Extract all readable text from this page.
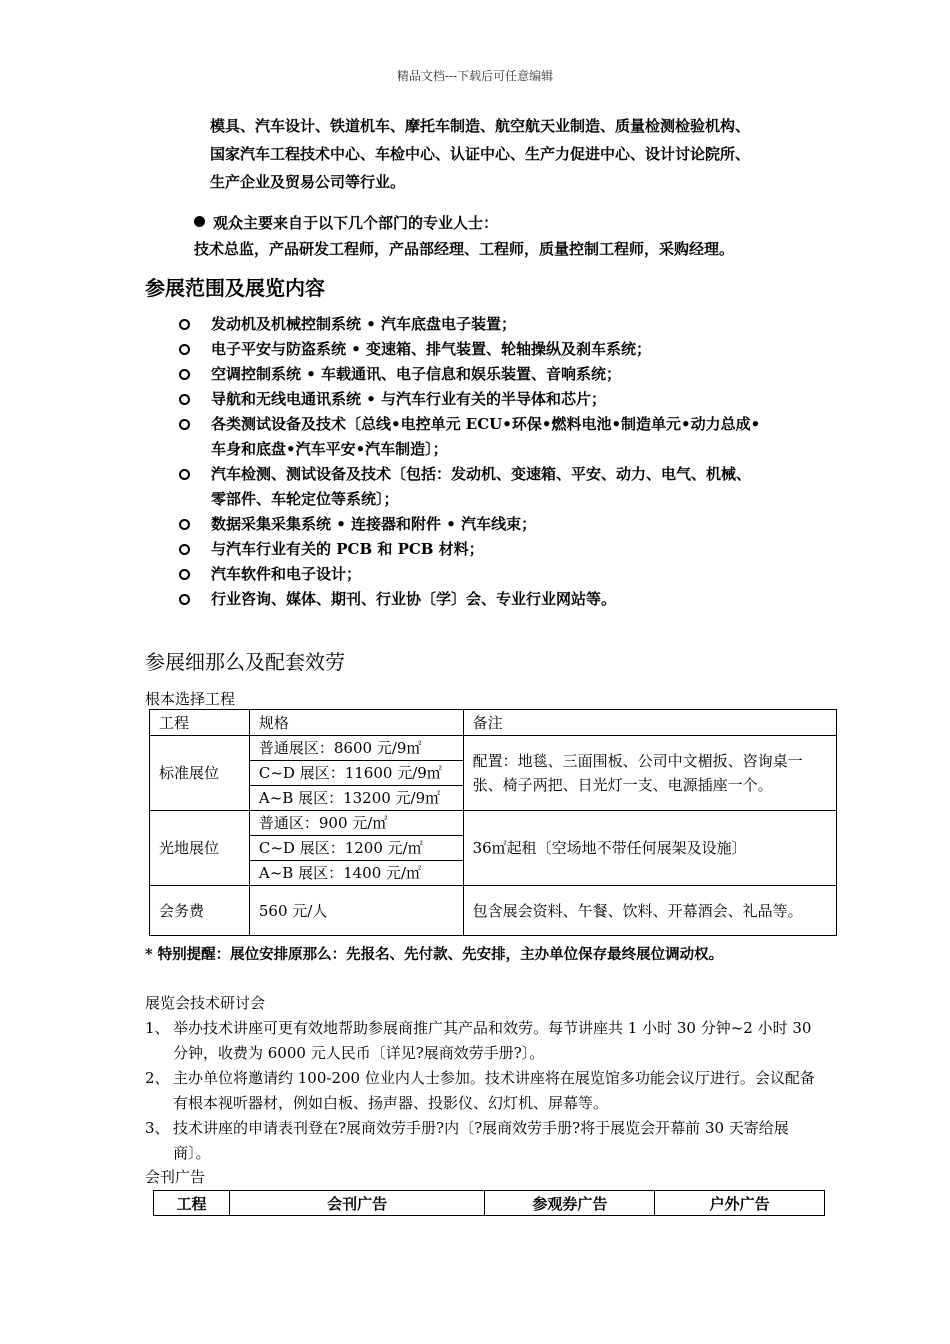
精品文档---下载后可任意编辑
模具、汽车设计、铁道机车、摩托车制造、航空航天业制造、质量检测检验机构、
国家汽车工程技术中心、车检中心、认证中心、生产力促进中心、设计讨论院所、
生产企业及贸易公司等行业。
观众主要来自于以下几个部门的专业人士：
技术总监，产品研发工程师，产品部经理、工程师，质量控制工程师，采购经理。
参展范围及展览内容
发动机及机械控制系统 • 汽车底盘电子装置；
电子平安与防盗系统 • 变速箱、排气装置、轮轴操纵及刹车系统；
空调控制系统 • 车载通讯、电子信息和娱乐装置、音响系统；
导航和无线电通讯系统 • 与汽车行业有关的半导体和芯片；
各类测试设备及技术〔总线•电控单元 ECU•环保•燃料电池•制造单元•动力总成•
车身和底盘•汽车平安•汽车制造〕；
汽车检测、测试设备及技术〔包括：发动机、变速箱、平安、动力、电气、机械、
零部件、车轮定位等系统〕；
数据采集采集系统 • 连接器和附件 • 汽车线束；
与汽车行业有关的 PCB 和 PCB 材料；
汽车软件和电子设计；
行业咨询、媒体、期刊、行业协〔学〕会、专业行业网站等。
参展细那么及配套效劳
根本选择工程
工程	规格	备注
标准展位	普通展区：8600 元/9㎡	配置：地毯、三面围板、公司中文楣扳、咨询桌一张、椅子两把、日光灯一支、电源插座一个。
	C~D 展区：11600 元/9㎡	
	A~B 展区：13200 元/9㎡	
光地展位	普通区：900 元/㎡	36㎡起租〔空场地不带任何展架及设施〕
	C~D 展区：1200 元/㎡	
	A~B 展区：1400 元/㎡	
会务费	560 元/人	包含展会资料、午餐、饮料、开幕酒会、礼品等。
* 特别提醒：展位安排原那么：先报名、先付款、先安排，主办单位保存最终展位调动权。
展览会技术研讨会
1、 举办技术讲座可更有效地帮助参展商推广其产品和效劳。每节讲座共 1 小时 30 分钟~2 小时 30 分钟，收费为 6000 元人民币〔详见?展商效劳手册?〕。
2、 主办单位将邀请约 100-200 位业内人士参加。技术讲座将在展览馆多功能会议厅进行。会议配备有根本视听器材，例如白板、扬声器、投影仪、幻灯机、屏幕等。
3、 技术讲座的申请表刊登在?展商效劳手册?内〔?展商效劳手册?将于展览会开幕前 30 天寄给展商〕。
会刊广告
工程	会刊广告	参观券广告	户外广告
